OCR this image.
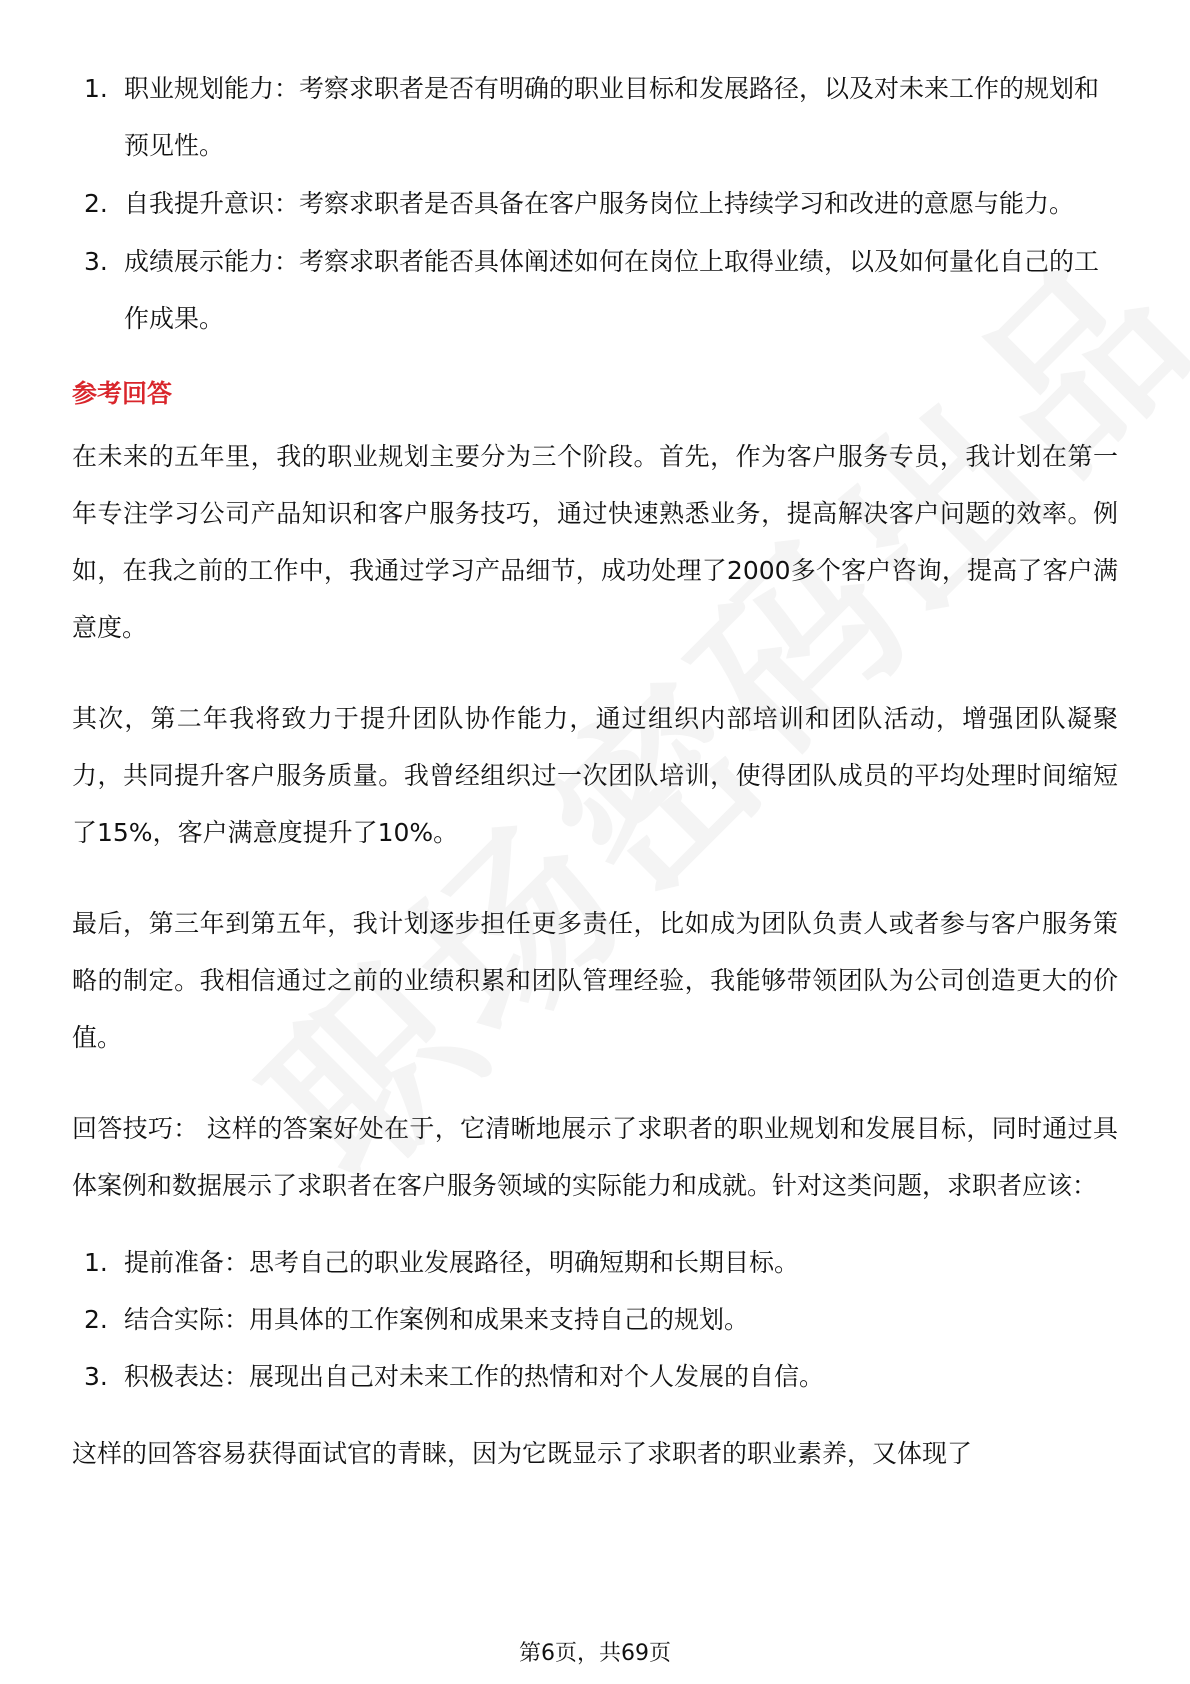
1. 职业规划能力：考察求职者是否有明确的职业目标和发展路径，以及对未来工作的规划和预见性。
2. 自我提升意识：考察求职者是否具备在客户服务岗位上持续学习和改进的意愿与能力。
3. 成绩展示能力：考察求职者能否具体阐述如何在岗位上取得业绩，以及如何量化自己的工作成果。
参考回答

在未来的五年里，我的职业规划主要分为三个阶段。首先，作为客户服务专员，我计划在第一年专注学习公司产品知识和客户服务技巧，通过快速熟悉业务，提高解决客户问题的效率。例如，在我之前的工作中，我通过学习产品细节，成功处理了2000多个客户咨询，提高了客户满意度。

其次，第二年我将致力于提升团队协作能力，通过组织内部培训和团队活动，增强团队凝聚力，共同提升客户服务质量。我曾经组织过一次团队培训，使得团队成员的平均处理时间缩短了15%，客户满意度提升了10%。

最后，第三年到第五年，我计划逐步担任更多责任，比如成为团队负责人或者参与客户服务策略的制定。我相信通过之前的业绩积累和团队管理经验，我能够带领团队为公司创造更大的价值。

回答技巧： 这样的答案好处在于，它清晰地展示了求职者的职业规划和发展目标，同时通过具体案例和数据展示了求职者在客户服务领域的实际能力和成就。针对这类问题，求职者应该：

1. 提前准备：思考自己的职业发展路径，明确短期和长期目标。
2. 结合实际：用具体的工作案例和成果来支持自己的规划。
3. 积极表达：展现出自己对未来工作的热情和对个人发展的自信。

这样的回答容易获得面试官的青睐，因为它既显示了求职者的职业素养，又体现了

第6页，共69页
